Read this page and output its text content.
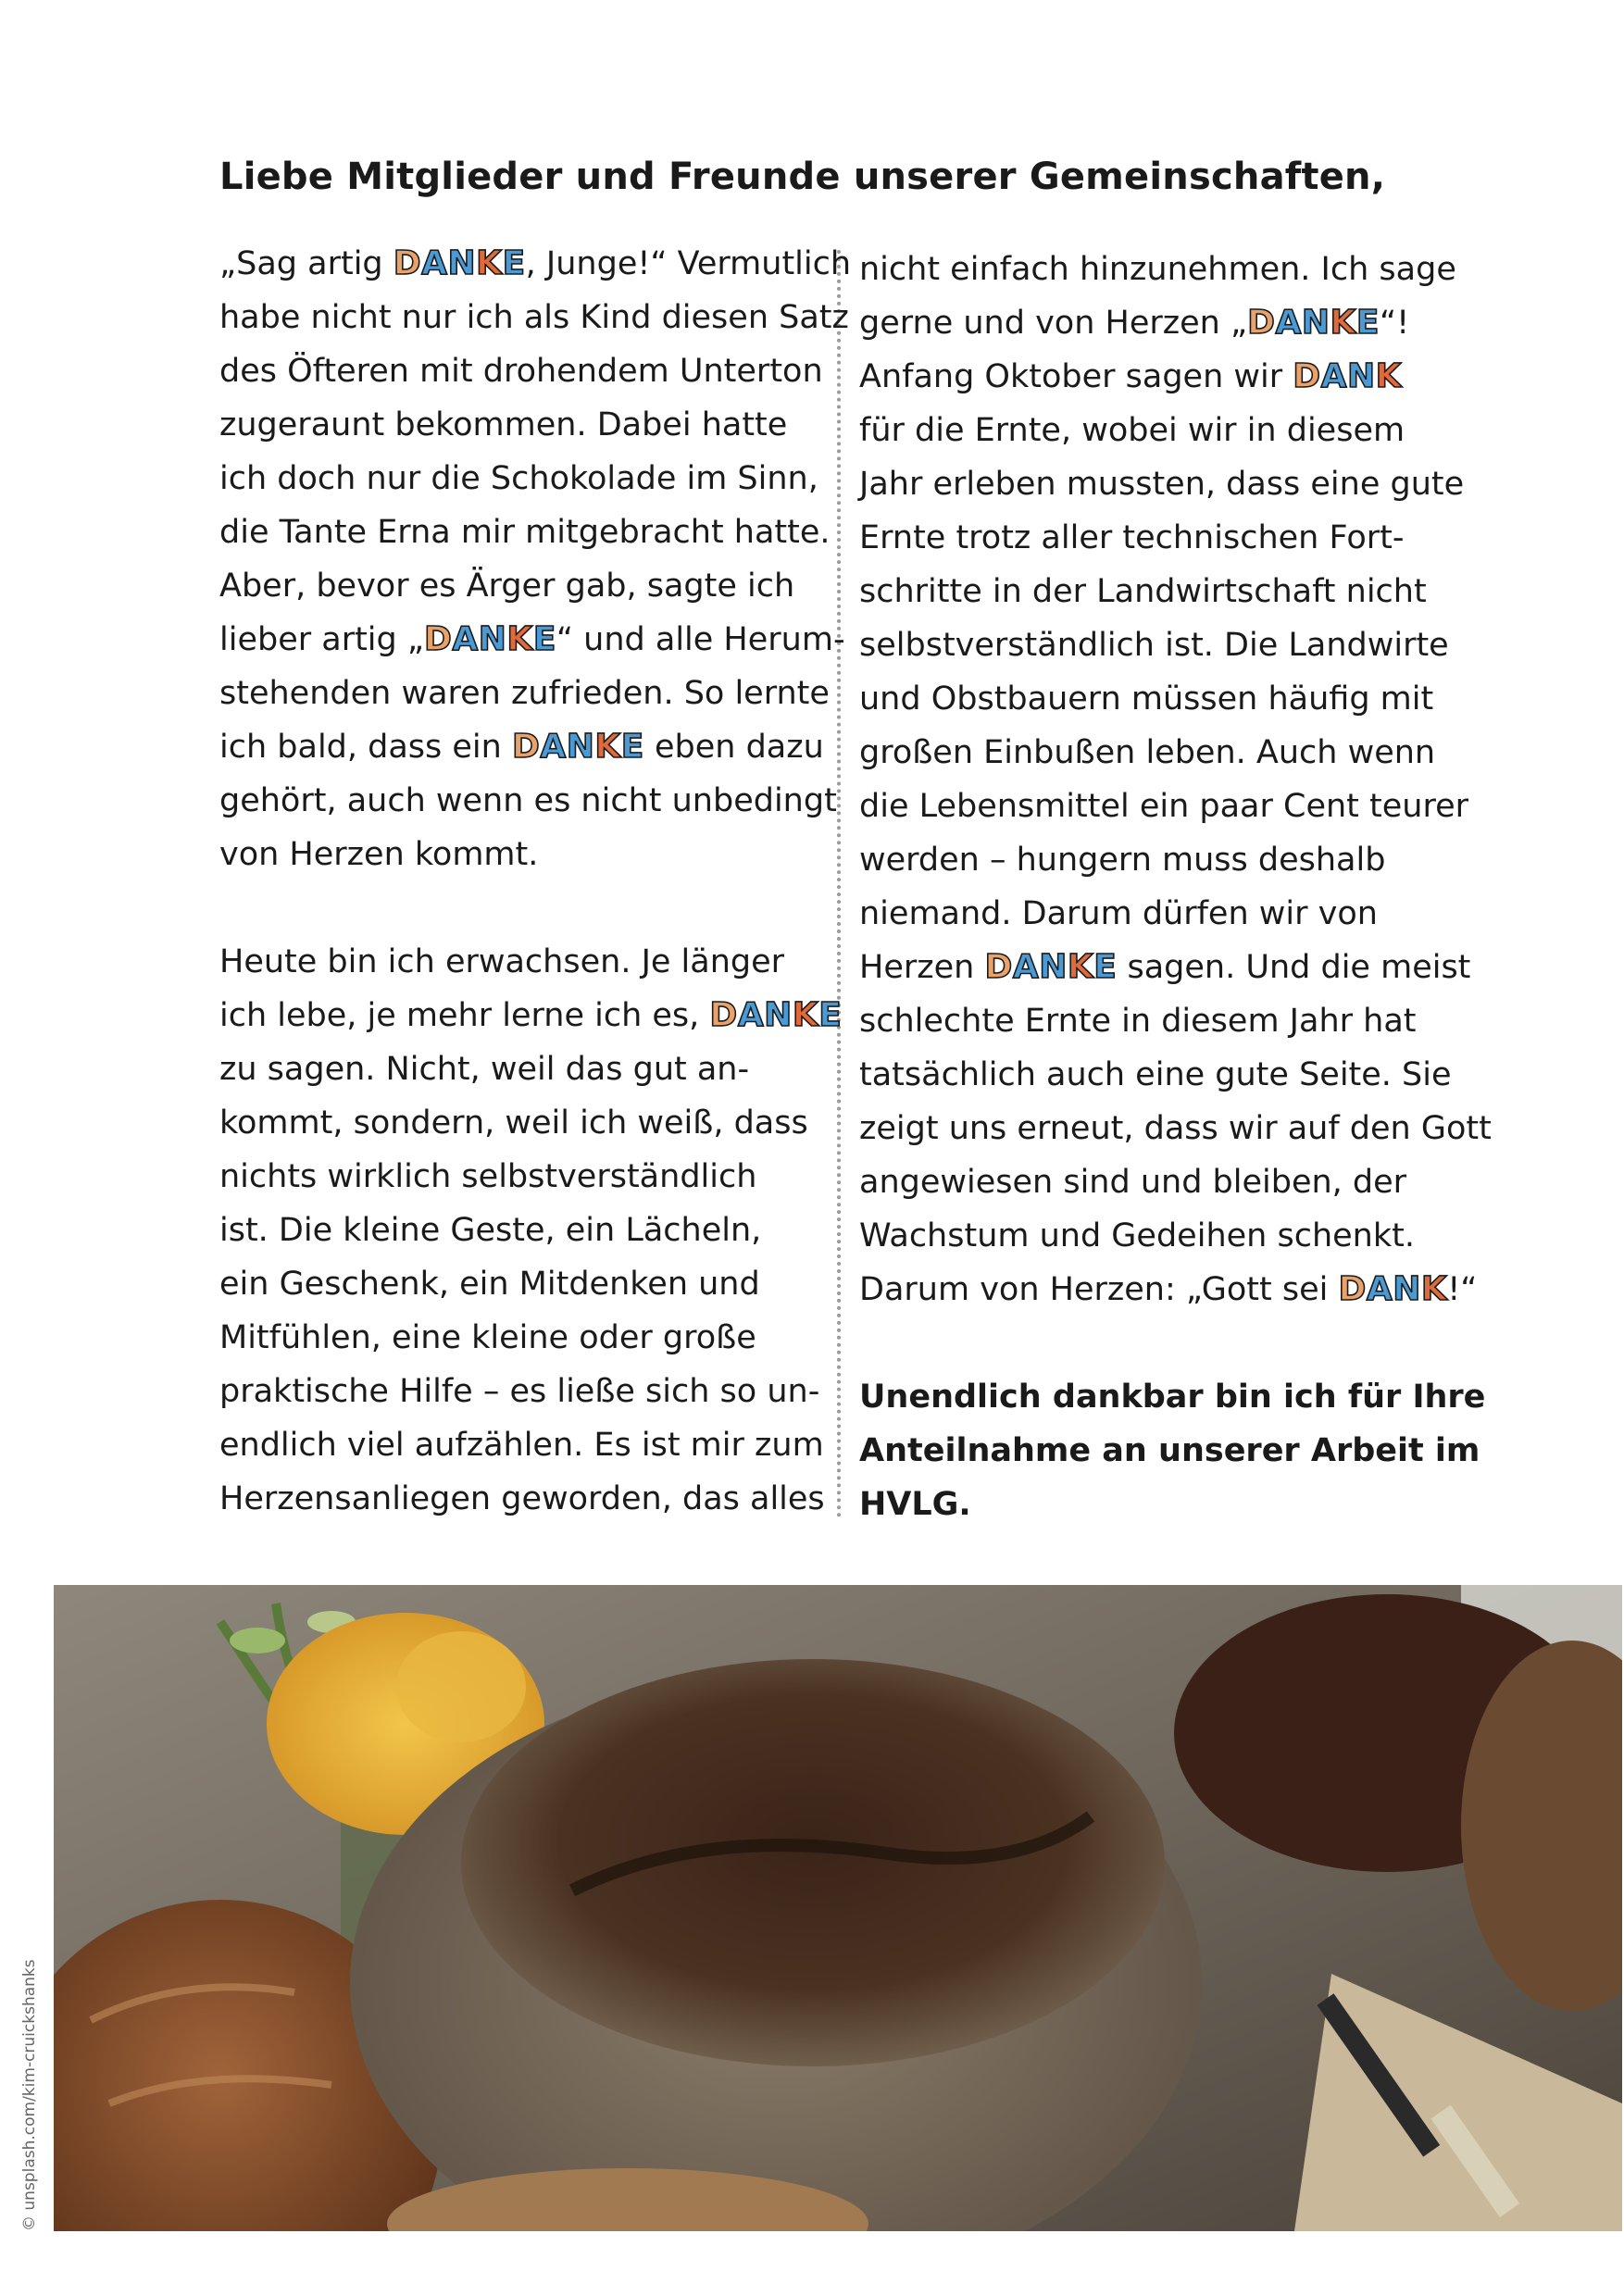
Liebe Mitglieder und Freunde unserer Gemeinschaften,
„Sag artig DANKE, Junge!“ Vermutlich
habe nicht nur ich als Kind diesen Satz
des Öfteren mit drohendem Unterton
zugeraunt bekommen. Dabei hatte
ich doch nur die Schokolade im Sinn,
die Tante Erna mir mitgebracht hatte.
Aber, bevor es Ärger gab, sagte ich
lieber artig „DANKE“ und alle Herum-
stehenden waren zufrieden. So lernte
ich bald, dass ein DANKE eben dazu
gehört, auch wenn es nicht unbedingt
von Herzen kommt.
Heute bin ich erwachsen. Je länger
ich lebe, je mehr lerne ich es, DANKE
zu sagen. Nicht, weil das gut an-
kommt, sondern, weil ich weiß, dass
nichts wirklich selbstverständlich
ist. Die kleine Geste, ein Lächeln,
ein Geschenk, ein Mitdenken und
Mitfühlen, eine kleine oder große
praktische Hilfe – es ließe sich so un-
endlich viel aufzählen. Es ist mir zum
Herzensanliegen geworden, das alles
nicht einfach hinzunehmen. Ich sage
gerne und von Herzen „DANKE“!
Anfang Oktober sagen wir DANK
für die Ernte, wobei wir in diesem
Jahr erleben mussten, dass eine gute
Ernte trotz aller technischen Fort-
schritte in der Landwirtschaft nicht
selbstverständlich ist. Die Landwirte
und Obstbauern müssen häufig mit
großen Einbußen leben. Auch wenn
die Lebensmittel ein paar Cent teurer
werden – hungern muss deshalb
niemand. Darum dürfen wir von
Herzen DANKE sagen. Und die meist
schlechte Ernte in diesem Jahr hat
tatsächlich auch eine gute Seite. Sie
zeigt uns erneut, dass wir auf den Gott
angewiesen sind und bleiben, der
Wachstum und Gedeihen schenkt.
Darum von Herzen: „Gott sei DANK!“
Unendlich dankbar bin ich für Ihre
Anteilnahme an unserer Arbeit im
HVLG.
© unsplash.com/kim-cruickshanks
